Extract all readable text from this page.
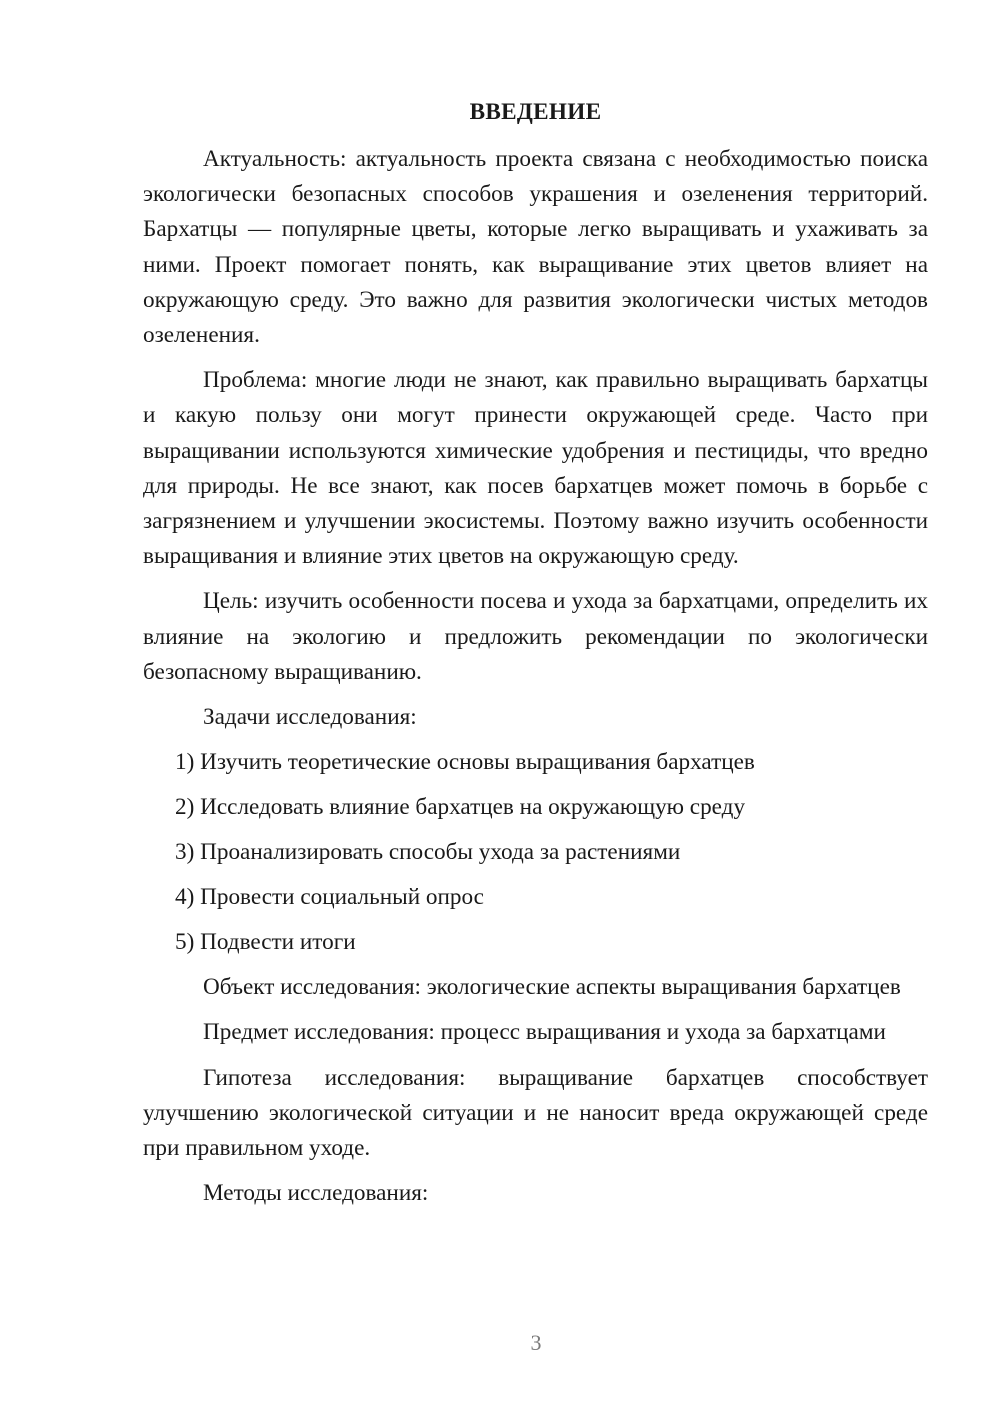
ВВЕДЕНИЕ

Актуальность: актуальность проекта связана с необходимостью поиска экологически безопасных способов украшения и озеленения территорий. Бархатцы — популярные цветы, которые легко выращивать и ухаживать за ними. Проект помогает понять, как выращивание этих цветов влияет на окружающую среду. Это важно для развития экологически чистых методов озеленения.

Проблема: многие люди не знают, как правильно выращивать бархатцы и какую пользу они могут принести окружающей среде. Часто при выращивании используются химические удобрения и пестициды, что вредно для природы. Не все знают, как посев бархатцев может помочь в борьбе с загрязнением и улучшении экосистемы. Поэтому важно изучить особенности выращивания и влияние этих цветов на окружающую среду.

Цель: изучить особенности посева и ухода за бархатцами, определить их влияние на экологию и предложить рекомендации по экологически безопасному выращиванию.

Задачи исследования:

1) Изучить теоретические основы выращивания бархатцев
2) Исследовать влияние бархатцев на окружающую среду
3) Проанализировать способы ухода за растениями
4) Провести социальный опрос
5) Подвести итоги

Объект исследования: экологические аспекты выращивания бархатцев

Предмет исследования: процесс выращивания и ухода за бархатцами

Гипотеза исследования: выращивание бархатцев способствует улучшению экологической ситуации и не наносит вреда окружающей среде при правильном уходе.

Методы исследования:

3
